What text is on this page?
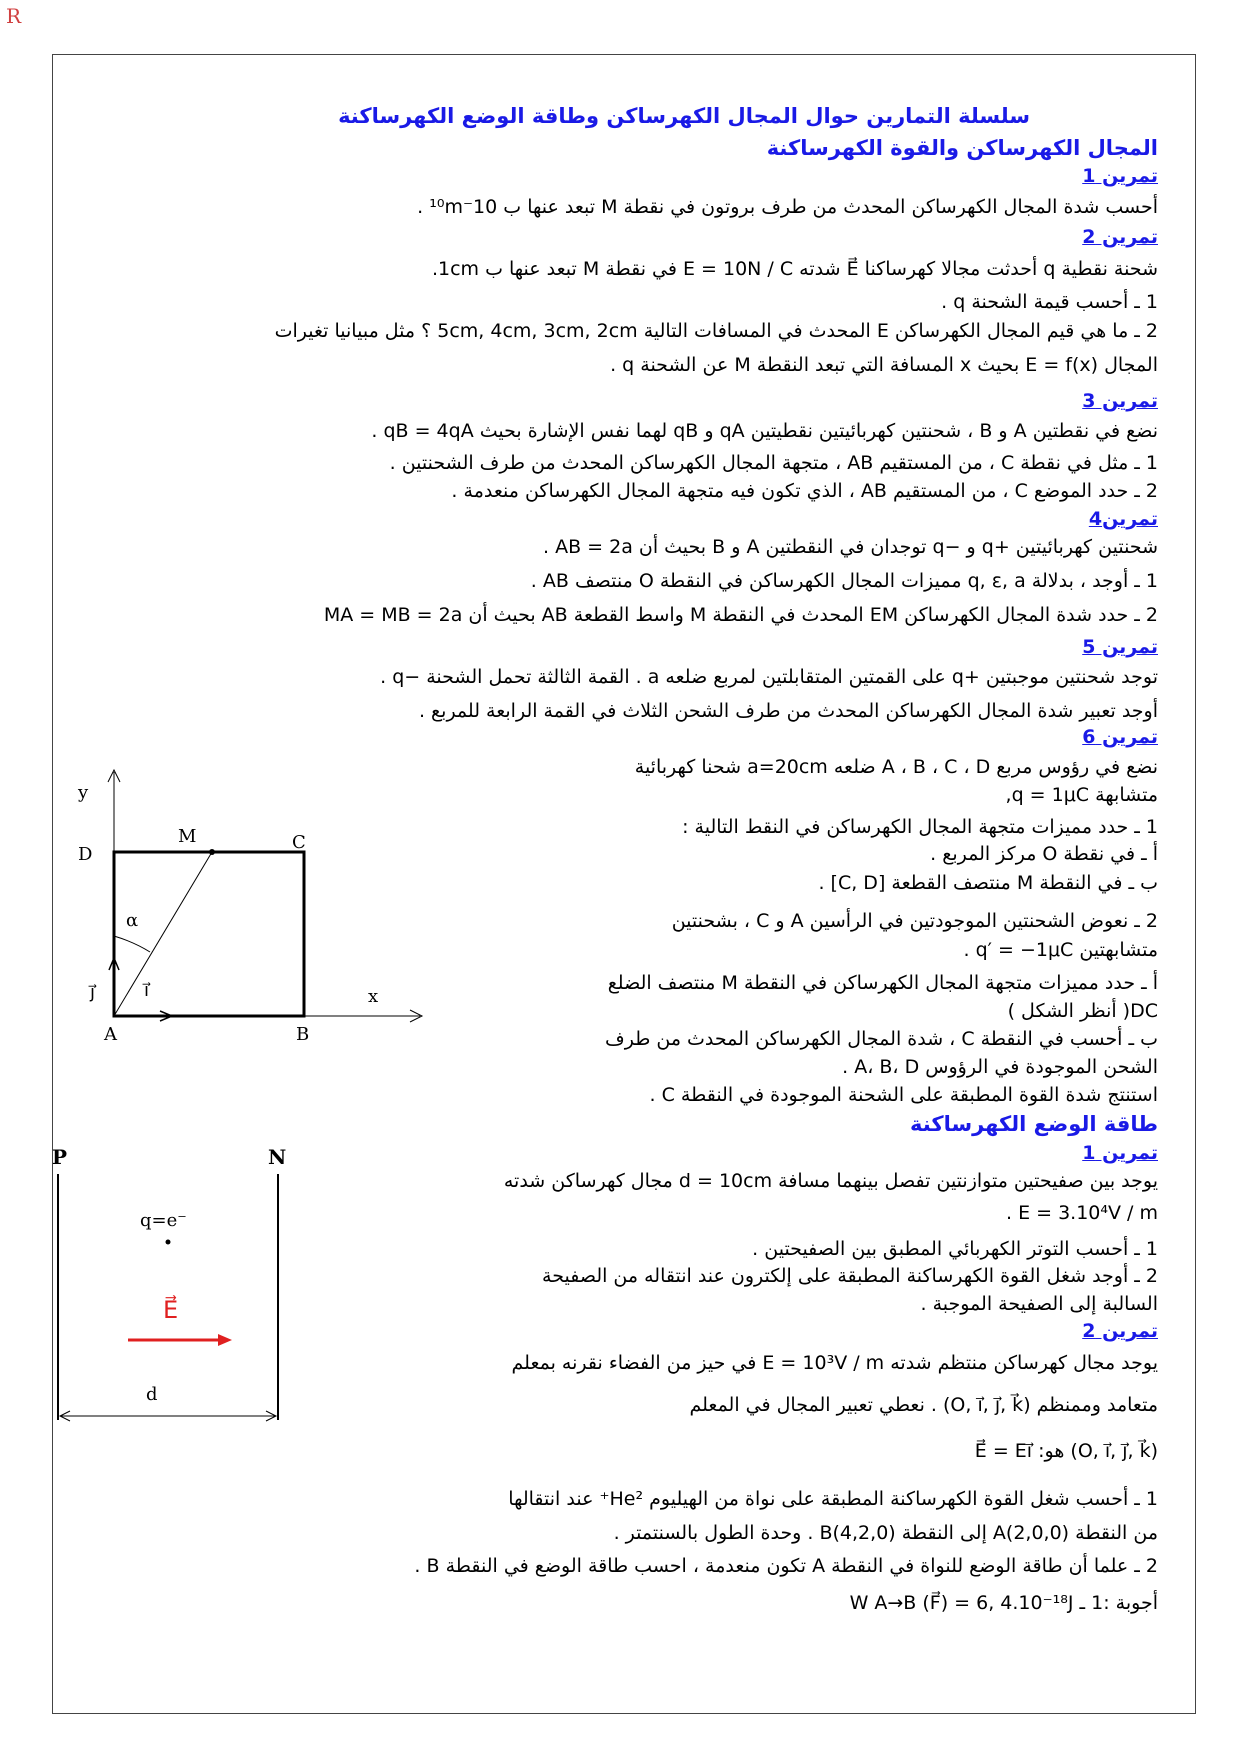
R
سلسلة التمارين حوال المجال الكهرساكن وطاقة الوضع الكهرساكنة
المجال الكهرساكن والقوة الكهرساكنة
تمرين 1
أحسب شدة المجال الكهرساكن المحدث من طرف بروتون في نقطة M تبعد عنها ب 10⁻¹⁰m .
تمرين 2
شحنة نقطية q أحدثت مجالا كهرساكنا E⃗ شدته E = 10N / C في نقطة M تبعد عنها ب 1cm.
1 ـ أحسب قيمة الشحنة q .
2 ـ ما هي قيم المجال الكهرساكن E المحدث في المسافات التالية 5cm, 4cm, 3cm, 2cm ؟ مثل مبيانيا تغيرات
المجال E = f(x) بحيث x المسافة التي تبعد النقطة M عن الشحنة q .
تمرين 3
نضع في نقطتين A و B ، شحنتين كهربائيتين نقطيتين qA و qB لهما نفس الإشارة بحيث qB = 4qA .
1 ـ مثل في نقطة C ، من المستقيم AB ، متجهة المجال الكهرساكن المحدث من طرف الشحنتين .
2 ـ حدد الموضع C ، من المستقيم AB ، الذي تكون فيه متجهة المجال الكهرساكن منعدمة .
تمرين4
شحنتين كهربائيتين +q و −q توجدان في النقطتين A و B بحيث أن AB = 2a .
1 ـ أوجد ، بدلالة q, ε, a مميزات المجال الكهرساكن في النقطة O منتصف AB .
2 ـ حدد شدة المجال الكهرساكن EM المحدث في النقطة M واسط القطعة AB بحيث أن MA = MB = 2a
تمرين 5
توجد شحنتين موجبتين +q على القمتين المتقابلتين لمربع ضلعه a . القمة الثالثة تحمل الشحنة −q .
أوجد تعبير شدة المجال الكهرساكن المحدث من طرف الشحن الثلاث في القمة الرابعة للمربع .
تمرين 6
نضع في رؤوس مربع A ، B ، C ، D ضلعه a=20cm شحنا كهربائية
متشابهة q = 1μC,
1 ـ حدد مميزات متجهة المجال الكهرساكن في النقط التالية :
أ ـ في نقطة O مركز المربع .
ب ـ في النقطة M منتصف القطعة [C, D] .
2 ـ نعوض الشحنتين الموجودتين في الرأسين A و C ، بشحنتين
متشابهتين q′ = −1μC .
أ ـ حدد مميزات متجهة المجال الكهرساكن في النقطة M منتصف الضلع
DC( أنظر الشكل )
ب ـ أحسب في النقطة C ، شدة المجال الكهرساكن المحدث من طرف
الشحن الموجودة في الرؤوس A، B، D .
استنتج شدة القوة المطبقة على الشحنة الموجودة في النقطة C .
طاقة الوضع الكهرساكنة
تمرين 1
يوجد بين صفيحتين متوازنتين تفصل بينهما مسافة d = 10cm مجال كهرساكن شدته
E = 3.10⁴V / m .
1 ـ أحسب التوتر الكهربائي المطبق بين الصفيحتين .
2 ـ أوجد شغل القوة الكهرساكنة المطبقة على إلكترون عند انتقاله من الصفيحة
السالبة إلى الصفيحة الموجبة .
تمرين 2
يوجد مجال كهرساكن منتظم شدته E = 10³V / m في حيز من الفضاء نقرنه بمعلم
متعامد وممنظم (O, i⃗, j⃗, k⃗) . نعطي تعبير المجال في المعلم
(O, i⃗, j⃗, k⃗) هو: E⃗ = Ei⃗
1 ـ أحسب شغل القوة الكهرساكنة المطبقة على نواة من الهيليوم He²⁺ عند انتقالها
من النقطة A(2,0,0) إلى النقطة B(4,2,0) . وحدة الطول بالسنتمتر .
2 ـ علما أن طاقة الوضع للنواة في النقطة A تكون منعدمة ، احسب طاقة الوضع في النقطة B .
أجوبة :1 ـ W A→B (F⃗) = 6, 4.10⁻¹⁸J
y
D
M	C
α
j⃗	i⃗	x
A	B
P	N
q=e⁻
E⃗
d
